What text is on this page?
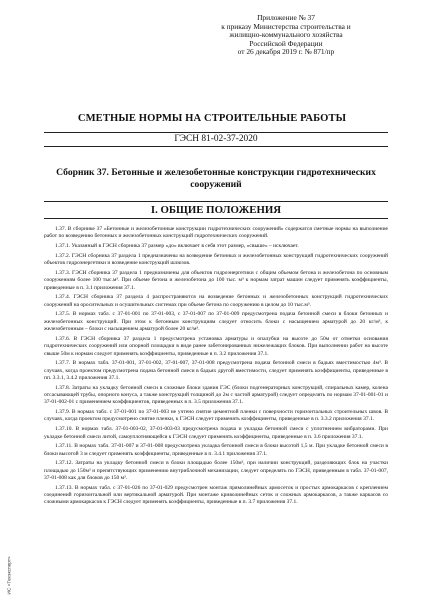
Приложение № 37
к приказу Министерства строительства и
жилищно-коммунального хозяйства
Российской Федерации
от 26 декабря 2019 г. № 871/пр
СМЕТНЫЕ НОРМЫ НА СТРОИТЕЛЬНЫЕ РАБОТЫ
ГЭСН 81-02-37-2020
Сборник 37. Бетонные и железобетонные конструкции гидротехнических сооружений
I. ОБЩИЕ ПОЛОЖЕНИЯ

1.37. В сборнике 37 «Бетонные и железобетонные конструкции гидротехнических сооружений» содержатся сметные нормы на выполнение работ по возведению бетонных и железобетонных конструкций гидротехнических сооружений.

1.37.1. Указанный в ГЭСН сборника 37 размер «до» включает в себя этот размер, «свыше» – исключает.

1.37.2. ГЭСН сборника 37 раздела 1 предназначены на возведение бетонных и железобетонных конструкций гидротехнических сооружений объектов гидроэнергетики и возведение конструкций шлюзов.

1.37.3. ГЭСН сборника 37 раздела 1 предназначены для объектов гидроэнергетики с общим объемом бетона и железобетона по основным сооружениям более 100 тыс.м³. При объеме бетона и железобетона до 100 тыс. м³ к нормам затрат машин следует применять коэффициенты, приведенные в п. 3.1 приложения 37.1.

1.37.4. ГЭСН сборника 37 раздела 4 распространяются на возведение бетонных и железобетонных конструкций гидротехнических сооружений на оросительных и осушительных системах при объеме бетона по сооружению в целом до 10 тыс.м³.

1.37.5. В нормах табл. с 37-01-001 по 37-01-003, с 37-01-007 по 37-01-009 предусмотрена подача бетонной смеси в блоки бетонных и железобетонных конструкций. При этом к бетонным конструкциям следует относить блоки с насыщением арматурой до 20 кг/м³, к железобетонным – блоки с насыщением арматурой более 20 кг/м³.

1.37.6. В ГЭСН сборника 37 раздела 1 предусмотрена установка арматуры и опалубки на высоте до 50м от отметки основания гидротехнических сооружений или опорной площадки в виде ранее забетонированных нижележащих блоков. При выполнении работ на высоте свыше 50м к нормам следует применять коэффициенты, приведенные в п. 3.2 приложения 37.1.

1.37.7. В нормах табл. 37-01-001, 37-01-002, 37-01-007, 37-01-008 предусмотрена подача бетонной смеси в бадьях вместимостью 4м³. В случаях, когда проектом предусмотрена подача бетонной смеси в бадьях другой вместимости, следует применять коэффициенты, приведенные в пп. 3.3.1, 3.4.2 приложения 37.1.

1.37.8. Затраты на укладку бетонной смеси в сложные блоки здания ГЭС (блоки подгенераторных конструкций, спиральных камер, колена отсасывающей трубы, опорного конуса, а также конструкций толщиной до 2м с частой арматурой) следует определять по нормам 37-01-001-01 и 37-01-002-01 с применением коэффициентов, приведенных в п. 3.5 приложения 37.1.

1.37.9. В нормах табл. с 37-01-001 по 37-01-003 не учтено снятие цементной пленки с поверхности горизонтальных строительных швов. В случаях, когда проектом предусмотрено снятие пленки, к ГЭСН следует применять коэффициенты, приведенные в п. 3.3.2 приложения 37.1.

1.37.10. В нормах табл. 37-01-003-02, 37-01-003-03 предусмотрена подача и укладка бетонной смеси с уплотнением вибраторами. При укладке бетонной смеси литой, самоуплотняющейся к ГЭСН следует применять коэффициенты, приведенные в п. 3.6 приложения 37.1.

1.37.11. В нормах табл. 37-01-007 и 37-01-008 предусмотрена укладка бетонной смеси в блоки высотой 1,5 м. При укладке бетонной смеси в блоки высотой 3 м следует применять коэффициенты, приведенные в п. 3.4.1 приложения 37.1.

1.37.12. Затраты на укладку бетонной смеси в блоки площадью более 150м², при наличии конструкций, разделяющих блок на участки площадью до 150м² и препятствующих применению внутриблочной механизации, следует определять по ГЭСН, приведенным в табл. 37-01-007, 37-01-008 как для блоков до 150 м².

1.37.13. В нормах табл. с 37-01-026 по 37-01-029 предусмотрен монтаж прямолинейных армосеток и простых армокаркасов с креплением соединений горизонтальной или вертикальной арматурой. При монтаже криволинейных сеток и сложных армокаркасов, а также каркасов со сложными армокаркасов к ГЭСН следует применять коэффициенты, приведенные в п. 3.7 приложения 37.1.

ИС «Техэксперт»
